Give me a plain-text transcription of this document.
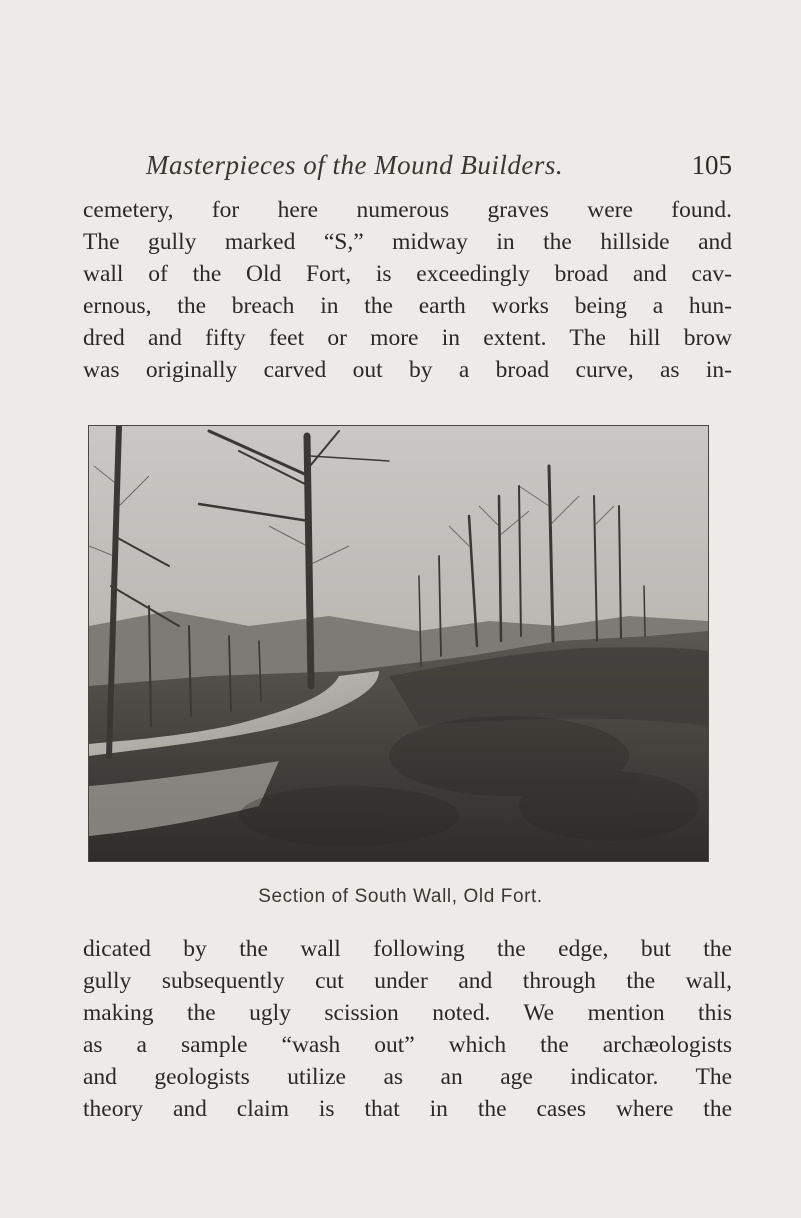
Masterpieces of the Mound Builders.	105
cemetery, for here numerous graves were found.
The gully marked “S,” midway in the hillside and
wall of the Old Fort, is exceedingly broad and cav-
ernous, the breach in the earth works being a hun-
dred and fifty feet or more in extent. The hill brow
was originally carved out by a broad curve, as in-
Section of South Wall, Old Fort.
dicated by the wall following the edge, but the
gully subsequently cut under and through the wall,
making the ugly scission noted. We mention this
as a sample “wash out” which the archæologists
and geologists utilize as an age indicator. The
theory and claim is that in the cases where the
